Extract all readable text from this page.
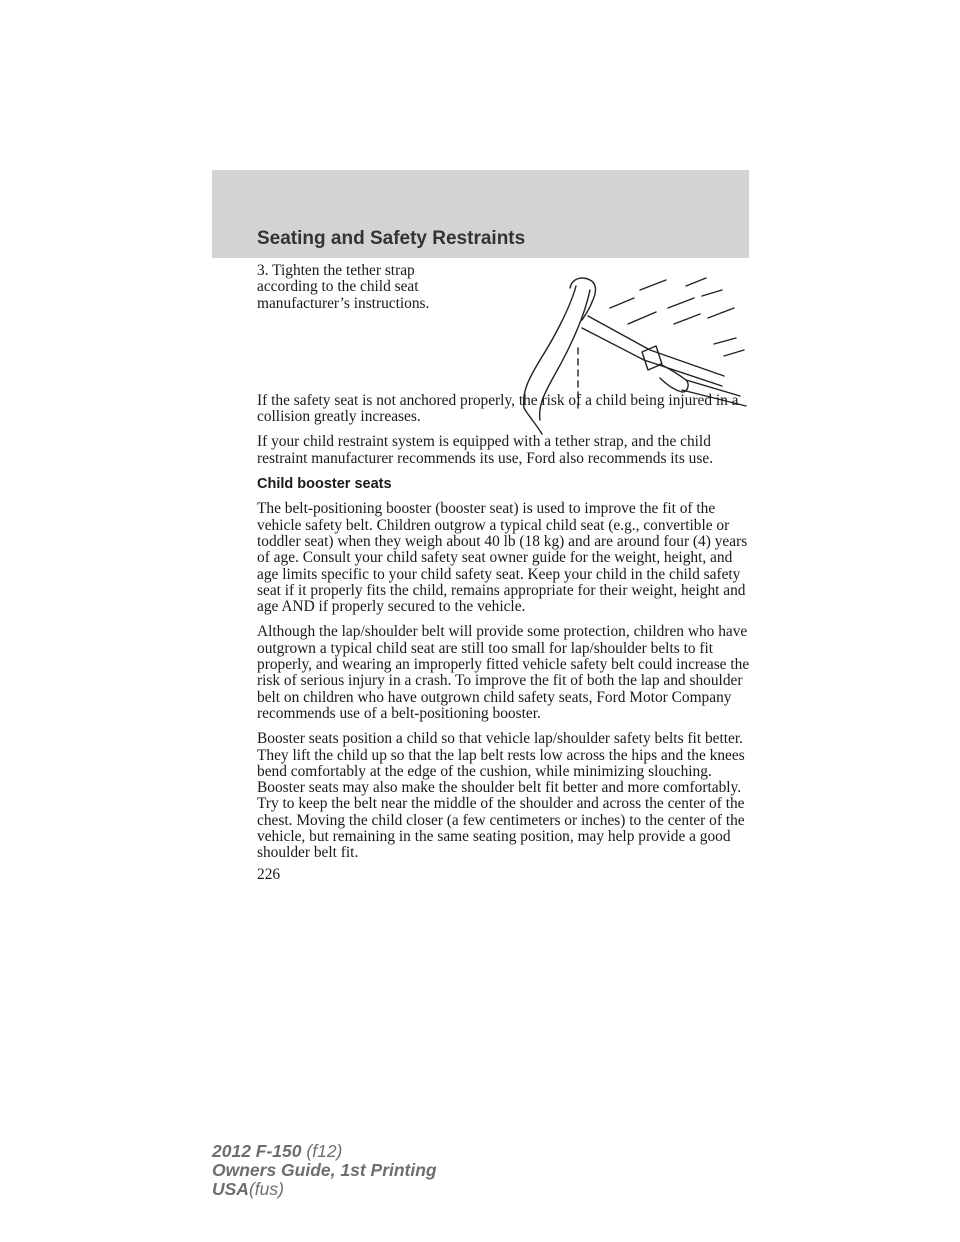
Seating and Safety Restraints

3. Tighten the tether strap according to the child seat manufacturer’s instructions.

If the safety seat is not anchored properly, the risk of a child being injured in a collision greatly increases.

If your child restraint system is equipped with a tether strap, and the child restraint manufacturer recommends its use, Ford also recommends its use.

Child booster seats

The belt-positioning booster (booster seat) is used to improve the fit of the vehicle safety belt. Children outgrow a typical child seat (e.g., convertible or toddler seat) when they weigh about 40 lb (18 kg) and are around four (4) years of age. Consult your child safety seat owner guide for the weight, height, and age limits specific to your child safety seat. Keep your child in the child safety seat if it properly fits the child, remains appropriate for their weight, height and age AND if properly secured to the vehicle.

Although the lap/shoulder belt will provide some protection, children who have outgrown a typical child seat are still too small for lap/shoulder belts to fit properly, and wearing an improperly fitted vehicle safety belt could increase the risk of serious injury in a crash. To improve the fit of both the lap and shoulder belt on children who have outgrown child safety seats, Ford Motor Company recommends use of a belt-positioning booster.

Booster seats position a child so that vehicle lap/shoulder safety belts fit better. They lift the child up so that the lap belt rests low across the hips and the knees bend comfortably at the edge of the cushion, while minimizing slouching. Booster seats may also make the shoulder belt fit better and more comfortably. Try to keep the belt near the middle of the shoulder and across the center of the chest. Moving the child closer (a few centimeters or inches) to the center of the vehicle, but remaining in the same seating position, may help provide a good shoulder belt fit.

226
2012 F-150 (f12)
Owners Guide, 1st Printing
USA(fus)
